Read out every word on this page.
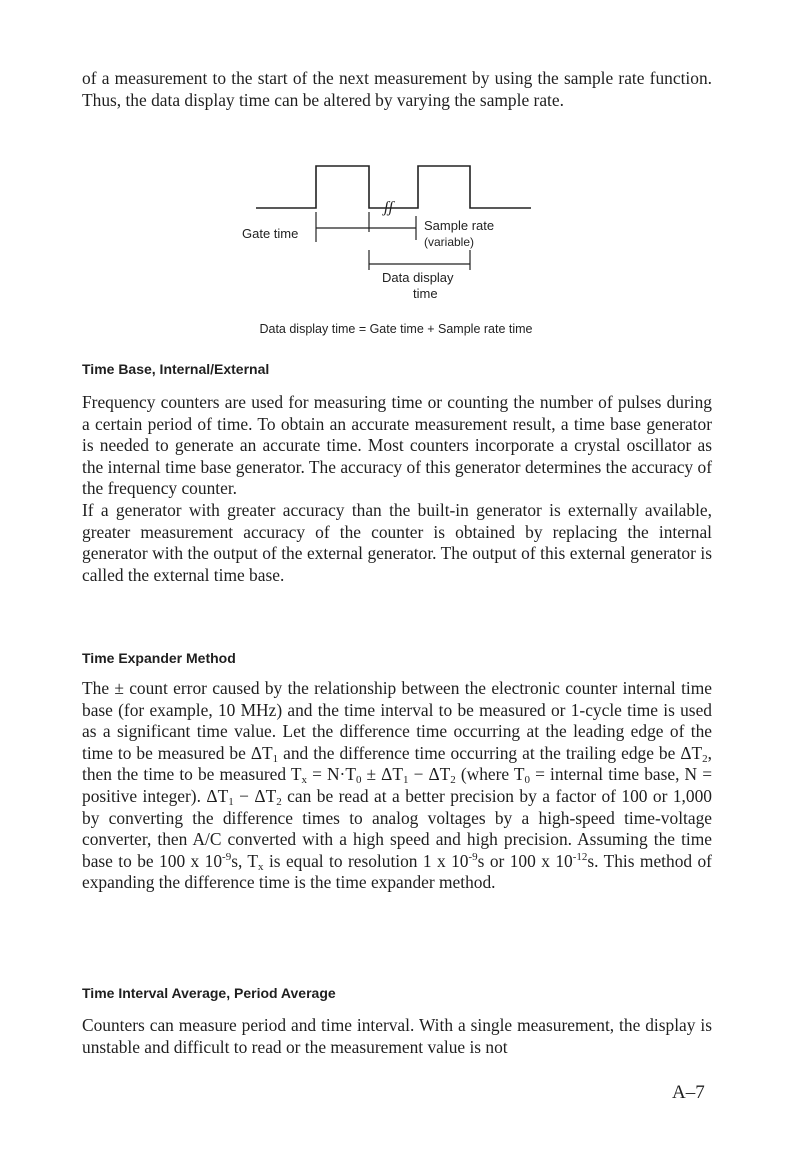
of a measurement to the start of the next measurement by using the sample rate function. Thus, the data display time can be altered by varying the sample rate.

ʃʃ
Gate time
Sample rate
(variable)
Data display
time
Data display time = Gate time + Sample rate time
Time Base, Internal/External

Frequency counters are used for measuring time or counting the number of pulses during a certain period of time. To obtain an accurate measurement result, a time base generator is needed to generate an accurate time. Most counters incorporate a crystal oscillator as the internal time base generator. The accuracy of this generator determines the accuracy of the frequency counter.

If a generator with greater accuracy than the built-in generator is externally available, greater measurement accuracy of the counter is obtained by replacing the internal generator with the output of the external generator. The output of this external generator is called the external time base.

Time Expander Method

The ± count error caused by the relationship between the electronic counter internal time base (for example, 10 MHz) and the time interval to be measured or 1-cycle time is used as a significant time value. Let the difference time occurring at the leading edge of the time to be measured be $\Delta T_1$ and the difference time occurring at the trailing edge be $\Delta T_2$, then the time to be measured $T_x = N\cdot T_0 \pm \Delta T_1 - \Delta T_2$ (where $T_0$ = internal time base, N = positive integer). $\Delta T_1 - \Delta T_2$ can be read at a better precision by a factor of 100 or 1,000 by converting the difference times to analog voltages by a high-speed time-voltage converter, then A/C converted with a high speed and high precision. Assuming the time base to be 100 x $10^{-9}s$, $T_x$ is equal to resolution 1 x $10^{-9}s$ or 100 x $10^{-12}s$. This method of expanding the difference time is the time expander method.

Time Interval Average, Period Average

Counters can measure period and time interval. With a single measurement, the display is unstable and difficult to read or the measurement value is not

A–7
